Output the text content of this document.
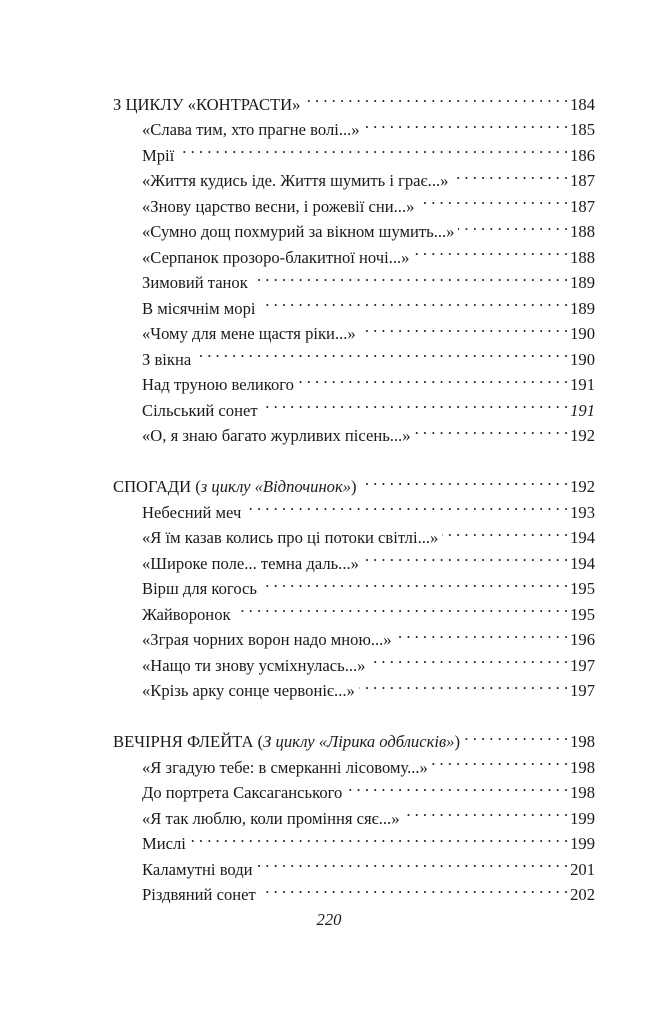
З ЦИКЛУ «КОНТРАСТИ» . . .	184
«Слава тим, хто прагне волі...» . . .	185
Мрії . . .	186
«Життя кудись іде. Життя шумить і грає...» . . .	187
«Знову царство весни, і рожевії сни...» . . .	187
«Сумно дощ похмурий за вікном шумить...» . . .	188
«Серпанок прозоро-блакитної ночі...» . . .	188
Зимовий танок . . .	189
В місячнім морі . . .	189
«Чому для мене щастя ріки...» . . .	190
З вікна . . .	190
Над труною великого . . .	191
Сільський сонет . . .	191
«О, я знаю багато журливих пісень...» . . .	192
СПОГАДИ (з циклу «Відпочинок») . . .	192
Небесний меч . . .	193
«Я їм казав колись про ці потоки світлі...» . . .	194
«Широке поле... темна даль...» . . .	194
Вірш для когось . . .	195
Жайворонок . . .	195
«Зграя чорних ворон надо мною...» . . .	196
«Нащо ти знову усміхнулась...» . . .	197
«Крізь арку сонце червоніє...» . . .	197
ВЕЧІРНЯ ФЛЕЙТА (З циклу «Лірика одблисків») . . .	198
«Я згадую тебе: в смерканні лісовому...» . . .	198
До портрета Саксаганського . . .	198
«Я так люблю, коли проміння сяє...» . . .	199
Мислі . . .	199
Каламутні води . . .	201
Різдвяний сонет . . .	202
220
